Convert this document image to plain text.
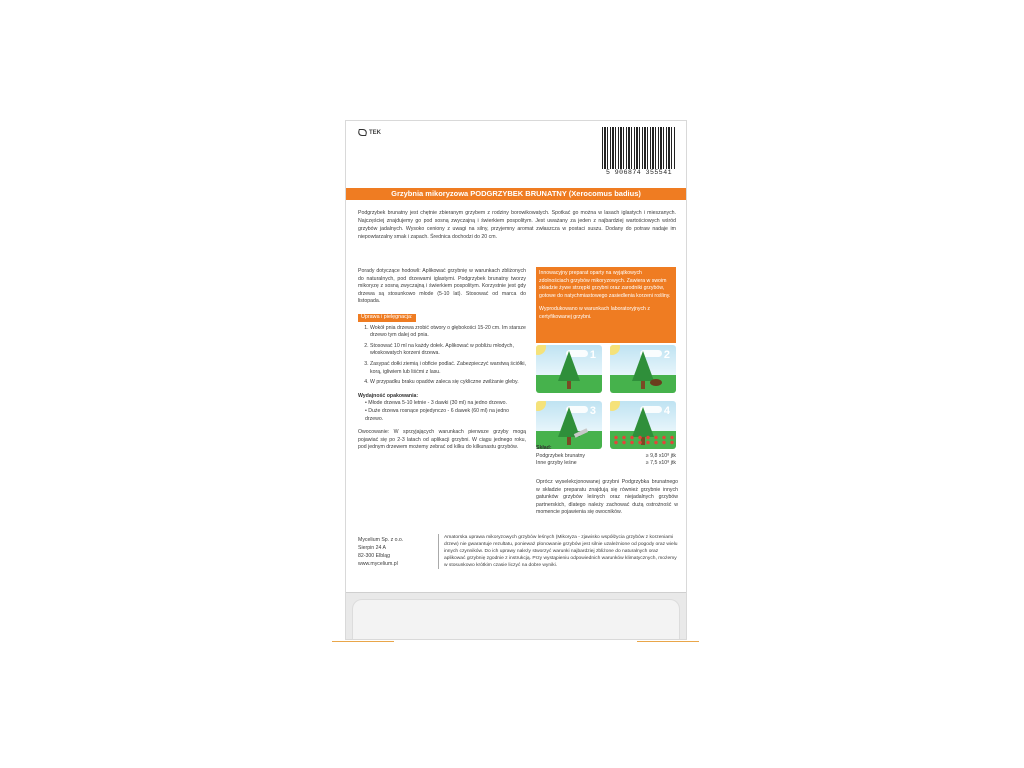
TEK
5 906874 355541
Grzybnia mikoryzowa PODGRZYBEK BRUNATNY (Xerocomus badius)
Podgrzybek brunatny jest chętnie zbieranym grzybem z rodziny borowikowatych. Spotkać go można w lasach iglastych i mieszanych. Najczęściej znajdujemy go pod sosną zwyczajną i świerkiem pospolitym. Jest uważany za jeden z najbardziej wartościowych wśród grzybów jadalnych. Wysoko ceniony z uwagi na silny, przyjemny aromat zwłaszcza w postaci suszu. Dodany do potraw nadaje im niepowtarzalny smak i zapach. Średnica dochodzi do 20 cm.

Porady dotyczące hodowli: Aplikować grzybnię w warunkach zbliżonych do naturalnych, pod drzewami iglastymi. Podgrzybek brunatny tworzy mikoryzę z sosną zwyczajną i świerkiem pospolitym. Korzystnie jest gdy drzewa są stosunkowo młode (5-10 lat). Stosować od marca do listopada.

Uprawa i pielęgnacja:
1. Wokół pnia drzewa zrobić otwory o głębokości 15-20 cm. Im starsze drzewo tym dalej od pnia.
2. Stosować 10 ml na każdy dołek. Aplikować w pobliżu młodych, włoskowatych korzeni drzewa.
3. Zasypać dołki ziemią i obficie podlać. Zabezpieczyć warstwą ściółki, korą, igliwiem lub liśćmi z lasu.
4. W przypadku braku opadów zaleca się cykliczne zwilżanie gleby.
Wydajność opakowania:
• Młode drzewa 5-10 letnie - 3 dawki (30 ml) na jedno drzewo.
• Duże drzewa rosnące pojedynczo - 6 dawek (60 ml) na jedno drzewo.

Owocowanie: W sprzyjających warunkach pierwsze grzyby mogą pojawiać się po 2-3 latach od aplikacji grzybni. W ciągu jednego roku, pod jednym drzewem możemy zebrać od kilku do kilkunastu grzybów.

Innowacyjny preparat oparty na wyjątkowych zdolnościach grzybów mikoryzowych. Zawiera w swoim składzie żywe strzępki grzybni oraz zarodniki grzybów, gotowe do natychmiastowego zasiedlenia korzeni rośliny.

Wyprodukowano w warunkach laboratoryjnych z certyfikowanej grzybni.

1	2
3	4
Skład:
Podgrzybek brunatny	≥ 9,8 x10⁸ jtk
Inne grzyby leśne	≥ 7,5 x10⁸ jtk
Oprócz wyselekcjonowanej grzybni Podgrzybka brunatnego w składzie preparatu znajdują się również grzybnie innych gatunków grzybów leśnych oraz niejadalnych grzybów partnerskich, dlatego należy zachować dużą ostrożność w momencie pojawienia się owocników.
Mycelium Sp. z o.o.
Sierpin 24 A
82-300 Elbląg
www.mycelium.pl
Amatorska uprawa mikoryzowych grzybów leśnych (Mikoryza - zjawisko współżycia grzybów z korzeniami drzew) nie gwarantuje rezultatu, ponieważ plonowanie grzybów jest silnie uzależnione od pogody oraz wielu innych czynników. Do ich uprawy należy stworzyć warunki najbardziej zbliżone do naturalnych oraz aplikować grzybnię zgodnie z instrukcją. Przy wystąpieniu odpowiednich warunków klimatycznych, możemy w stosunkowo krótkim czasie liczyć na dobre wyniki.
